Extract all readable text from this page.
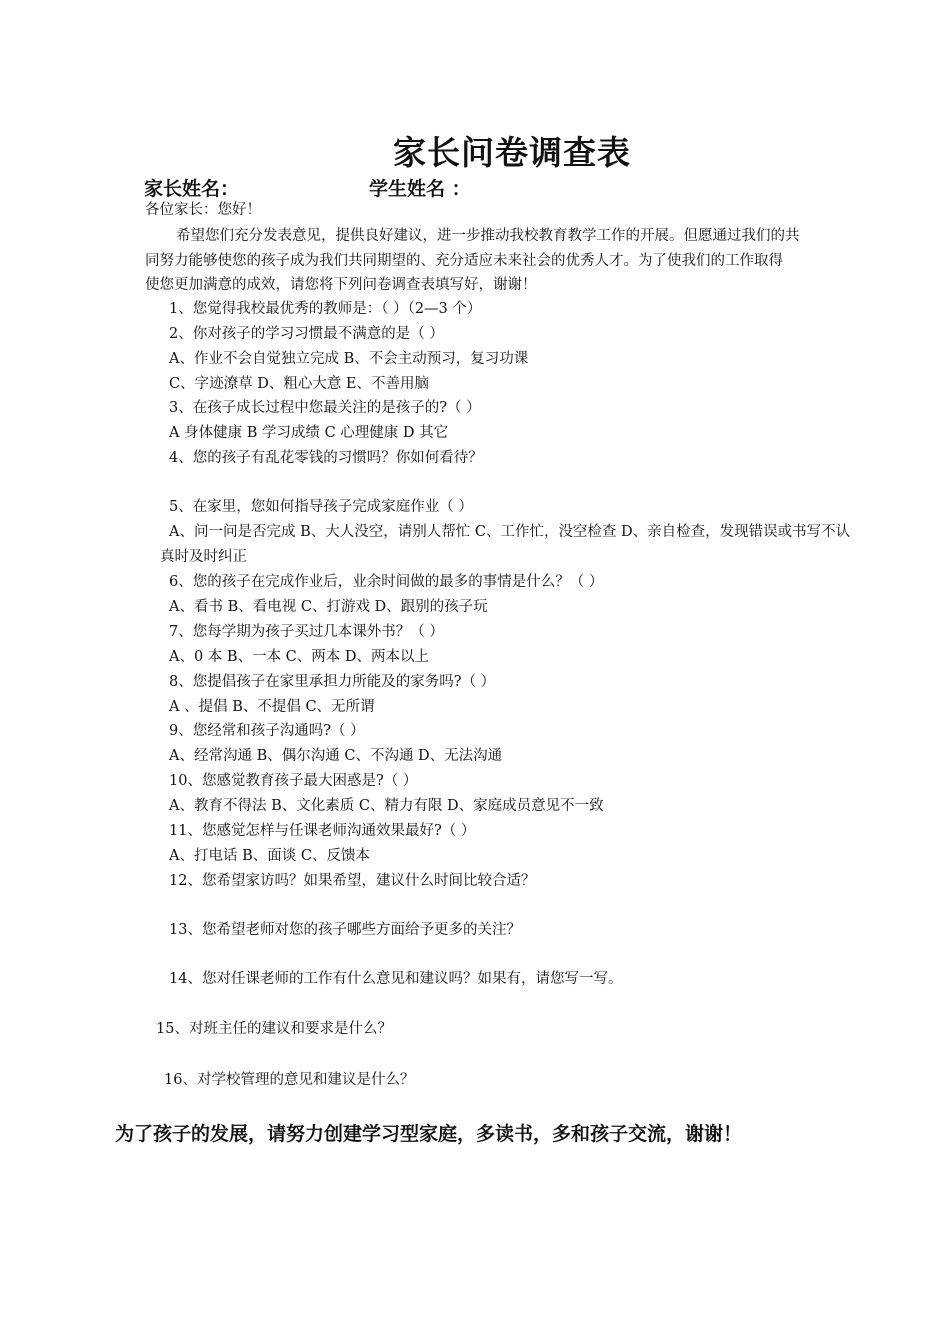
家长问卷调查表
家长姓名：	学生姓名 ：
各位家长：您好！
希望您们充分发表意见，提供良好建议，进一步推动我校教育教学工作的开展。但愿通过我们的共
同努力能够使您的孩子成为我们共同期望的、充分适应未来社会的优秀人才。为了使我们的工作取得
使您更加满意的成效，请您将下列问卷调查表填写好，谢谢！
1、您觉得我校最优秀的教师是：（ ）（2—3 个）
2、你对孩子的学习习惯最不满意的是（ ）
A、作业不会自觉独立完成 B、不会主动预习，复习功课
C、字迹潦草 D、粗心大意 E、不善用脑
3、在孩子成长过程中您最关注的是孩子的?（ ）
A 身体健康 B 学习成绩 C 心理健康 D 其它
4、您的孩子有乱花零钱的习惯吗？你如何看待？
5、在家里，您如何指导孩子完成家庭作业（ ）
A、问一问是否完成 B、大人没空，请别人帮忙 C、工作忙，没空检查 D、亲自检查，发现错误或书写不认
真时及时纠正
6、您的孩子在完成作业后，业余时间做的最多的事情是什么？（ ）
A、看书 B、看电视 C、打游戏 D、跟别的孩子玩
7、您每学期为孩子买过几本课外书？（ ）
A、0 本 B、一本 C、两本 D、两本以上
8、您提倡孩子在家里承担力所能及的家务吗?（ ）
A 、提倡 B、不提倡 C、无所谓
9、您经常和孩子沟通吗?（ ）
A、经常沟通 B、偶尔沟通 C、不沟通 D、无法沟通
10、您感觉教育孩子最大困惑是?（ ）
A、教育不得法 B、文化素质 C、精力有限 D、家庭成员意见不一致
11、您感觉怎样与任课老师沟通效果最好?（ ）
A、打电话 B、面谈 C、反馈本
12、您希望家访吗？如果希望，建议什么时间比较合适？
13、您希望老师对您的孩子哪些方面给予更多的关注？
14、您对任课老师的工作有什么意见和建议吗？如果有，请您写一写。
15、对班主任的建议和要求是什么？
16、对学校管理的意见和建议是什么？
为了孩子的发展，请努力创建学习型家庭，多读书，多和孩子交流，谢谢！
